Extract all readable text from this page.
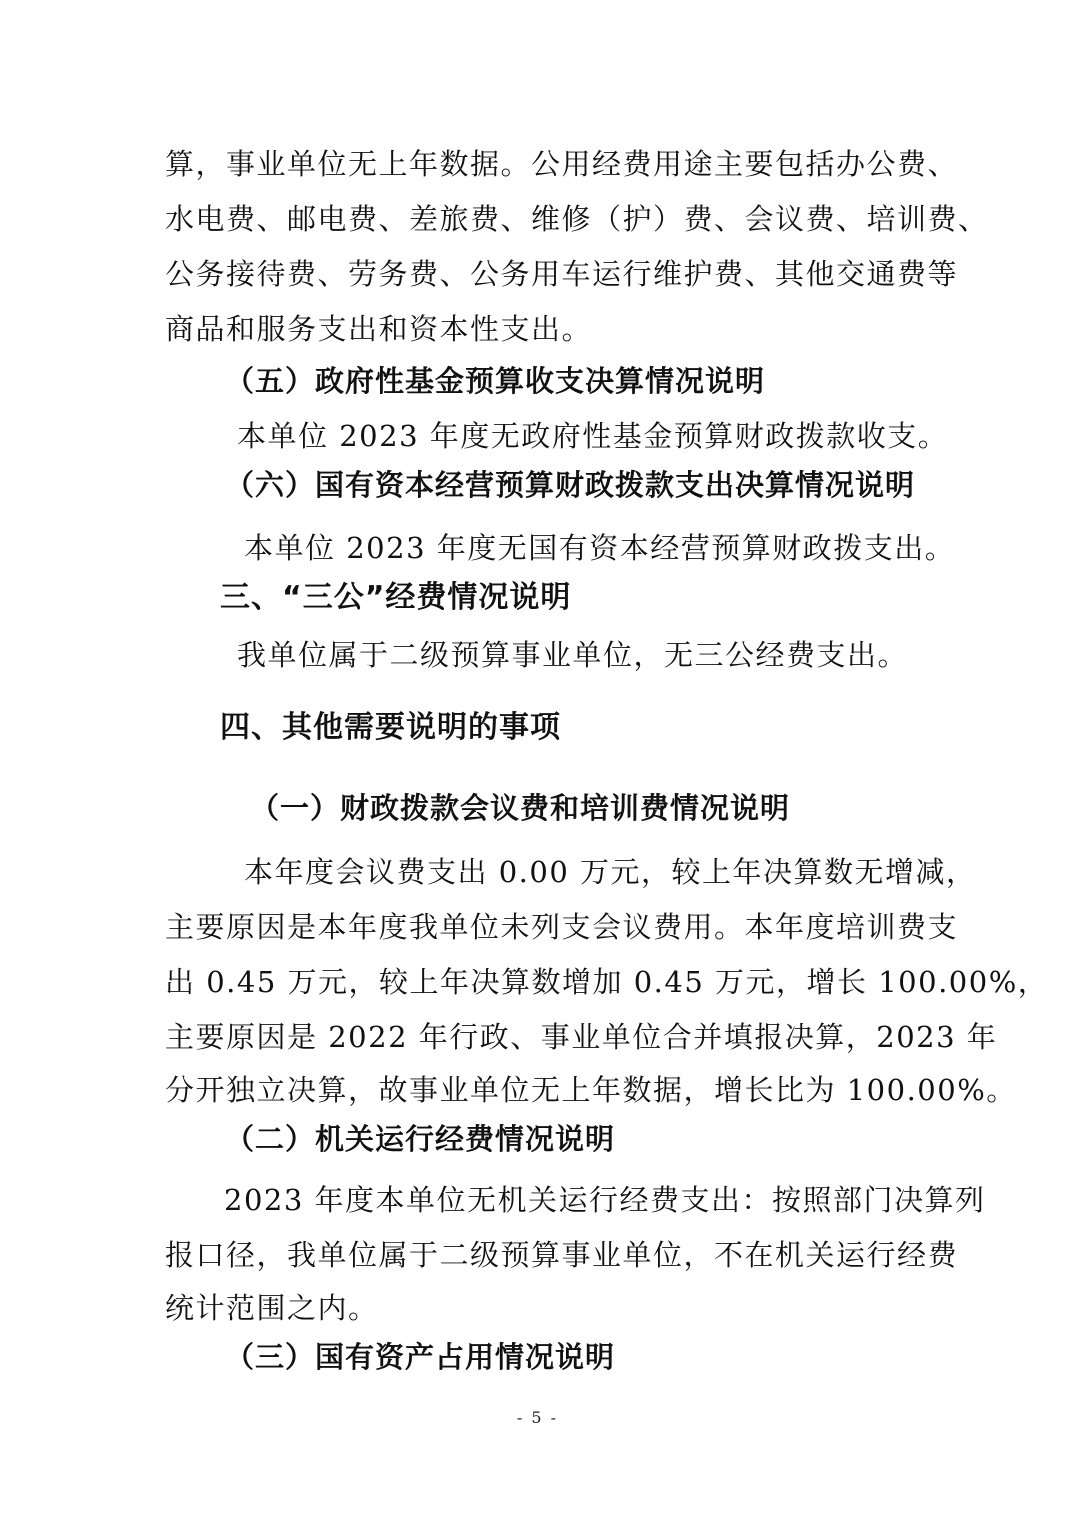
算，事业单位无上年数据。公用经费用途主要包括办公费、
水电费、邮电费、差旅费、维修（护）费、会议费、培训费、
公务接待费、劳务费、公务用车运行维护费、其他交通费等
商品和服务支出和资本性支出。
（五）政府性基金预算收支决算情况说明
本单位 2023 年度无政府性基金预算财政拨款收支。
（六）国有资本经营预算财政拨款支出决算情况说明
本单位 2023 年度无国有资本经营预算财政拨支出。
三、“三公”经费情况说明
我单位属于二级预算事业单位，无三公经费支出。
四、其他需要说明的事项
（一）财政拨款会议费和培训费情况说明
本年度会议费支出 0.00 万元，较上年决算数无增减，
主要原因是本年度我单位未列支会议费用。本年度培训费支
出 0.45 万元，较上年决算数增加 0.45 万元，增长 100.00%，
主要原因是 2022 年行政、事业单位合并填报决算，2023 年
分开独立决算，故事业单位无上年数据，增长比为 100.00%。
（二）机关运行经费情况说明
2023 年度本单位无机关运行经费支出：按照部门决算列
报口径，我单位属于二级预算事业单位，不在机关运行经费
统计范围之内。
（三）国有资产占用情况说明
- 5 -
